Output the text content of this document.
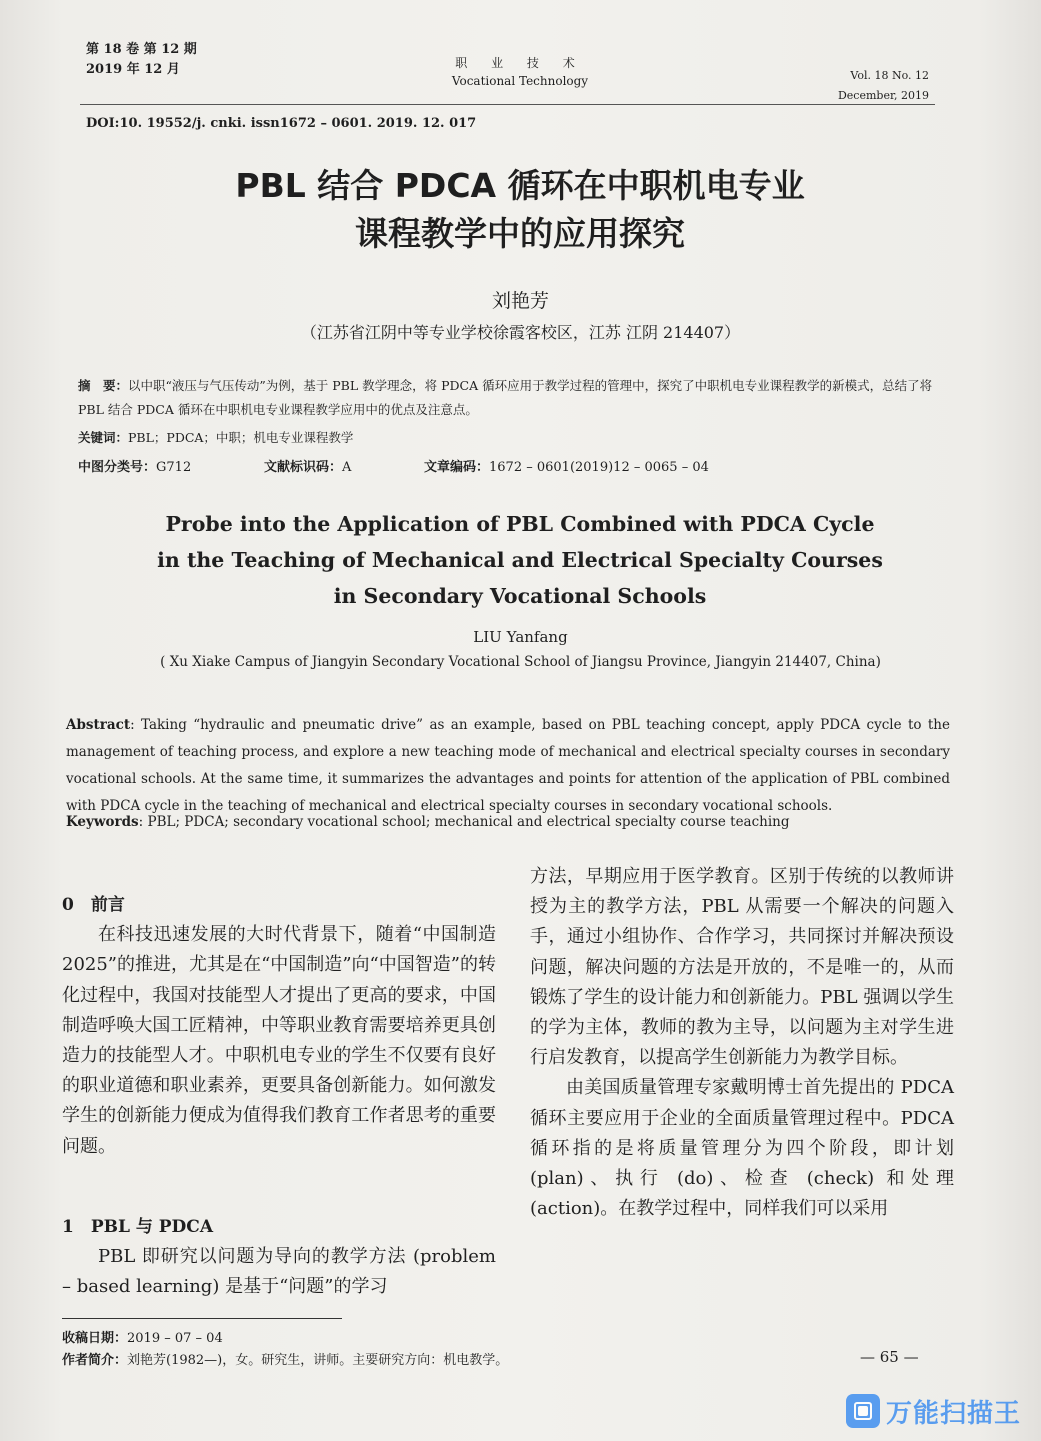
第 18 卷 第 12 期
2019 年 12 月	职 业 技 术
Vocational Technology	Vol. 18 No. 12
December, 2019
DOI:10. 19552/j. cnki. issn1672 – 0601. 2019. 12. 017
PBL 结合 PDCA 循环在中职机电专业
课程教学中的应用探究
刘艳芳
（江苏省江阴中等专业学校徐霞客校区，江苏 江阴 214407）
摘　要：以中职“液压与气压传动”为例，基于 PBL 教学理念，将 PDCA 循环应用于教学过程的管理中，探究了中职机电专业课程教学的新模式，总结了将 PBL 结合 PDCA 循环在中职机电专业课程教学应用中的优点及注意点。
关键词：PBL；PDCA；中职；机电专业课程教学
中图分类号：G712	文献标识码：A	文章编码：1672 – 0601(2019)12 – 0065 – 04
Probe into the Application of PBL Combined with PDCA Cycle
in the Teaching of Mechanical and Electrical Specialty Courses
in Secondary Vocational Schools
LIU Yanfang
( Xu Xiake Campus of Jiangyin Secondary Vocational School of Jiangsu Province, Jiangyin 214407, China)
Abstract: Taking “hydraulic and pneumatic drive” as an example, based on PBL teaching concept, apply PDCA cycle to the management of teaching process, and explore a new teaching mode of mechanical and electrical specialty courses in secondary vocational schools. At the same time, it summarizes the advantages and points for attention of the application of PBL combined with PDCA cycle in the teaching of mechanical and electrical specialty courses in secondary vocational schools.
Keywords: PBL; PDCA; secondary vocational school; mechanical and electrical specialty course teaching
0　前言

在科技迅速发展的大时代背景下，随着“中国制造 2025”的推进，尤其是在“中国制造”向“中国智造”的转化过程中，我国对技能型人才提出了更高的要求，中国制造呼唤大国工匠精神，中等职业教育需要培养更具创造力的技能型人才。中职机电专业的学生不仅要有良好的职业道德和职业素养，更要具备创新能力。如何激发学生的创新能力便成为值得我们教育工作者思考的重要问题。

1　PBL 与 PDCA

PBL 即研究以问题为导向的教学方法 (problem – based learning) 是基于“问题”的学习

方法，早期应用于医学教育。区别于传统的以教师讲授为主的教学方法，PBL 从需要一个解决的问题入手，通过小组协作、合作学习，共同探讨并解决预设问题，解决问题的方法是开放的，不是唯一的，从而锻炼了学生的设计能力和创新能力。PBL 强调以学生的学为主体，教师的教为主导，以问题为主对学生进行启发教育，以提高学生创新能力为教学目标。

由美国质量管理专家戴明博士首先提出的 PDCA 循环主要应用于企业的全面质量管理过程中。PDCA 循环指的是将质量管理分为四个阶段，即计划 (plan)、执行 (do)、检查 (check) 和处理 (action)。在教学过程中，同样我们可以采用

收稿日期：2019 – 07 – 04
作者简介：刘艳芳(1982—)，女。研究生，讲师。主要研究方向：机电教学。	— 65 —
万能扫描王
